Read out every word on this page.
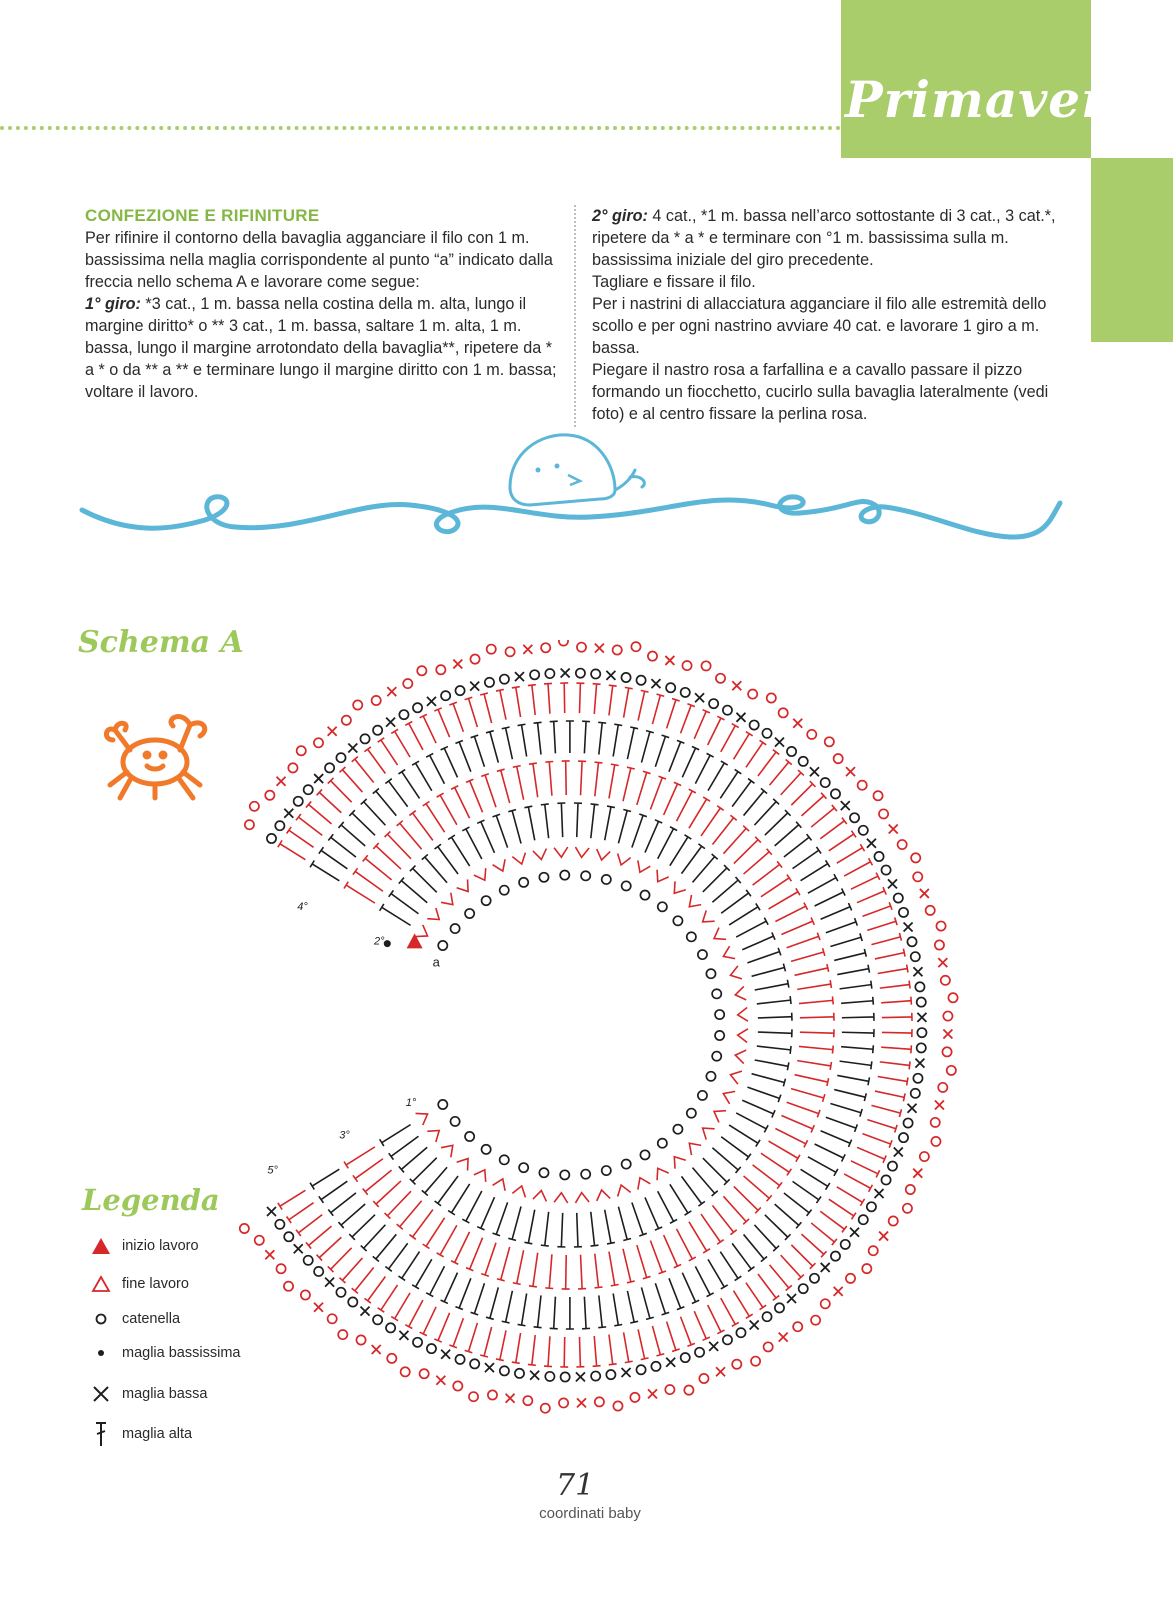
Primavera

CONFEZIONE E RIFINITURE

Per rifinire il contorno della bavaglia agganciare il filo con 1 m. bassissima nella maglia corrispondente al punto “a” indicato dalla freccia nello schema A e lavorare come segue:

1° giro: *3 cat., 1 m. bassa nella costina della m. alta, lungo il margine diritto* o ** 3 cat., 1 m. bassa, saltare 1 m. alta, 1 m. bassa, lungo il margine arrotondato della bavaglia**, ripetere da * a * o da ** a ** e terminare lungo il margine diritto con 1 m. bassa; voltare il lavoro.

2° giro: 4 cat., *1 m. bassa nell’arco sottostante di 3 cat., 3 cat.*, ripetere da * a * e terminare con °1 m. bassissima sulla m. bassissima iniziale del giro precedente.

Tagliare e fissare il filo.

Per i nastrini di allacciatura agganciare il filo alle estremità dello scollo e per ogni nastrino avviare 40 cat. e lavorare 1 giro a m. bassa.

Piegare il nastro rosa a farfallina e a cavallo passare il pizzo formando un fiocchetto, cucirlo sulla bavaglia lateralmente (vedi foto) e al centro fissare la perlina rosa.

Schema A
a
1°
2°
3°
4°
5°
Legenda
inizio lavoro
fine lavoro
catenella
maglia bassissima
maglia bassa
maglia alta
71
coordinati baby
